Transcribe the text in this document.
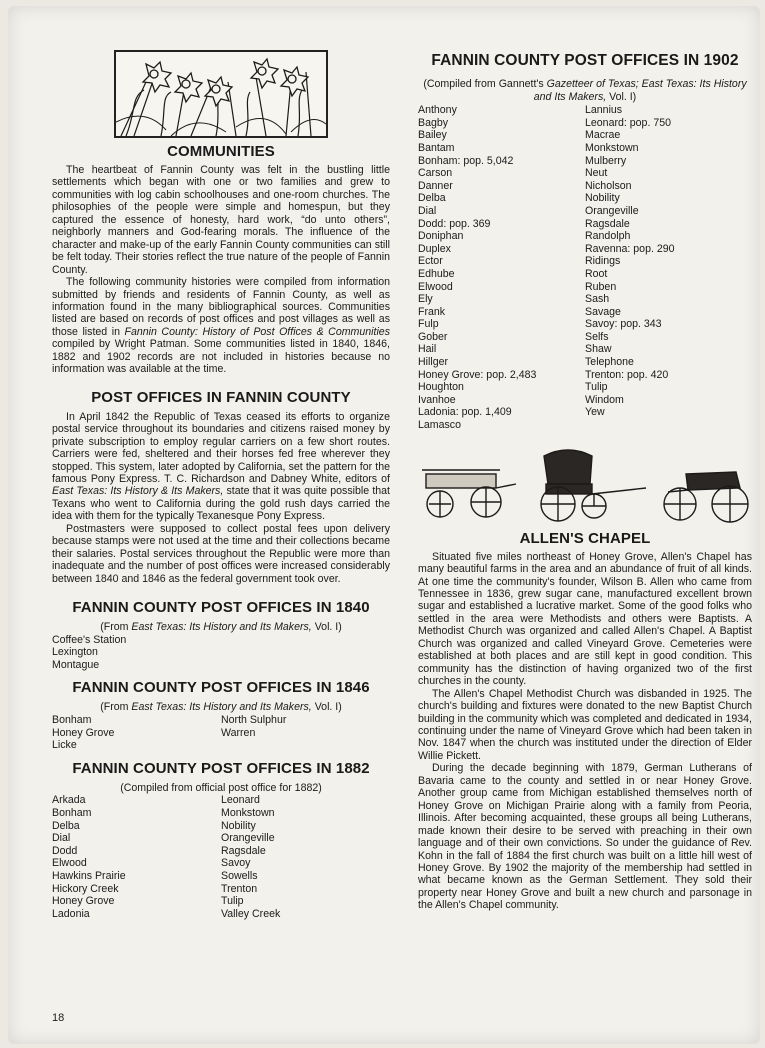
COMMUNITIES

The heartbeat of Fannin County was felt in the bustling little settlements which began with one or two families and grew to communities with log cabin schoolhouses and one-room churches. The philosophies of the people were simple and homespun, but they captured the essence of honesty, hard work, “do unto others”, neighborly manners and God-fearing morals. The influence of the character and make-up of the early Fannin County communities can still be felt today. Their stories reflect the true nature of the people of Fannin County.

The following community histories were compiled from information submitted by friends and residents of Fannin County, as well as information found in the many bibliographical sources. Communities listed are based on records of post offices and post villages as well as those listed in Fannin County: History of Post Offices & Communities compiled by Wright Patman. Some communities listed in 1840, 1846, 1882 and 1902 records are not included in histories because no information was available at the time.

POST OFFICES IN FANNIN COUNTY

In April 1842 the Republic of Texas ceased its efforts to organize postal service throughout its boundaries and citizens raised money by private subscription to employ regular carriers on a few short routes. Carriers were fed, sheltered and their horses fed free wherever they stopped. This system, later adopted by California, set the pattern for the famous Pony Express. T. C. Richardson and Dabney White, editors of East Texas: Its History & Its Makers, state that it was quite possible that Texans who went to California during the gold rush days carried the idea with them for the typically Texanesque Pony Express.

Postmasters were supposed to collect postal fees upon delivery because stamps were not used at the time and their collections became their salaries. Postal services throughout the Republic were more than inadequate and the number of post offices were increased considerably between 1840 and 1846 as the federal government took over.

FANNIN COUNTY POST OFFICES IN 1840

(From East Texas: Its History and Its Makers, Vol. I)

Coffee's Station
Lexington
Montague
FANNIN COUNTY POST OFFICES IN 1846

(From East Texas: Its History and Its Makers, Vol. I)

Bonham	North Sulphur
Honey Grove	Warren
Licke
FANNIN COUNTY POST OFFICES IN 1882

(Compiled from official post office for 1882)

Arkada	Leonard
Bonham	Monkstown
Delba	Nobility
Dial	Orangeville
Dodd	Ragsdale
Elwood	Savoy
Hawkins Prairie	Sowells
Hickory Creek	Trenton
Honey Grove	Tulip
Ladonia	Valley Creek
FANNIN COUNTY POST OFFICES IN 1902

(Compiled from Gannett's Gazetteer of Texas; East Texas: Its History and Its Makers, Vol. I)

Anthony	Lannius
Bagby	Leonard: pop. 750
Bailey	Macrae
Bantam	Monkstown
Bonham: pop. 5,042	Mulberry
Carson	Neut
Danner	Nicholson
Delba	Nobility
Dial	Orangeville
Dodd: pop. 369	Ragsdale
Doniphan	Randolph
Duplex	Ravenna: pop. 290
Ector	Ridings
Edhube	Root
Elwood	Ruben
Ely	Sash
Frank	Savage
Fulp	Savoy: pop. 343
Gober	Selfs
Hail	Shaw
Hillger	Telephone
Honey Grove: pop. 2,483	Trenton: pop. 420
Houghton	Tulip
Ivanhoe	Windom
Ladonia: pop. 1,409	Yew
Lamasco
ALLEN'S CHAPEL

Situated five miles northeast of Honey Grove, Allen's Chapel has many beautiful farms in the area and an abundance of fruit of all kinds. At one time the community's founder, Wilson B. Allen who came from Tennessee in 1836, grew sugar cane, manufactured excellent brown sugar and established a lucrative market. Some of the good folks who settled in the area were Methodists and others were Baptists. A Methodist Church was organized and called Allen's Chapel. A Baptist Church was organized and called Vineyard Grove. Cemeteries were established at both places and are still kept in good condition. This community has the distinction of having organized two of the first churches in the county.

The Allen's Chapel Methodist Church was disbanded in 1925. The church's building and fixtures were donated to the new Baptist Church building in the community which was completed and dedicated in 1934, continuing under the name of Vineyard Grove which had been taken in Nov. 1847 when the church was instituted under the direction of Elder Willie Pickett.

During the decade beginning with 1879, German Lutherans of Bavaria came to the county and settled in or near Honey Grove. Another group came from Michigan established themselves north of Honey Grove on Michigan Prairie along with a family from Peoria, Illinois. After becoming acquainted, these groups all being Lutherans, made known their desire to be served with preaching in their own language and of their own convictions. So under the guidance of Rev. Kohn in the fall of 1884 the first church was built on a little hill west of Honey Grove. By 1902 the majority of the membership had settled in what became known as the German Settlement. They sold their property near Honey Grove and built a new church and parsonage in the Allen's Chapel community.

18
